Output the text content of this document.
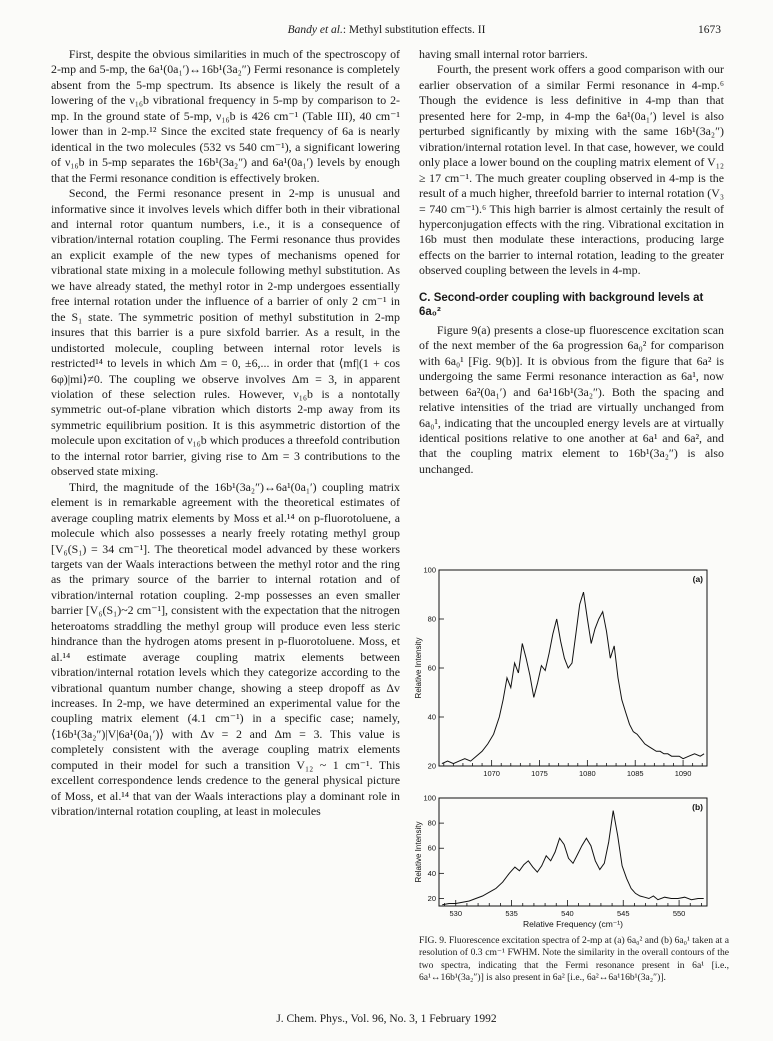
Bandy et al.: Methyl substitution effects. II	1673

First, despite the obvious similarities in much of the spectroscopy of 2-mp and 5-mp, the 6a¹(0a₁′)↔16b¹(3a₂″) Fermi resonance is completely absent from the 5-mp spectrum. Its absence is likely the result of a lowering of the ν₁₆b vibrational frequency in 5-mp by comparison to 2-mp. In the ground state of 5-mp, ν₁₆b is 426 cm⁻¹ (Table III), 40 cm⁻¹ lower than in 2-mp.¹² Since the excited state frequency of 6a is nearly identical in the two molecules (532 vs 540 cm⁻¹), a significant lowering of ν₁₆b in 5-mp separates the 16b¹(3a₂″) and 6a¹(0a₁′) levels by enough that the Fermi resonance condition is effectively broken.

Second, the Fermi resonance present in 2-mp is unusual and informative since it involves levels which differ both in their vibrational and internal rotor quantum numbers, i.e., it is a consequence of vibration/internal rotation coupling. The Fermi resonance thus provides an explicit example of the new types of mechanisms opened for vibrational state mixing in a molecule following methyl substitution. As we have already stated, the methyl rotor in 2-mp undergoes essentially free internal rotation under the influence of a barrier of only 2 cm⁻¹ in the S₁ state. The symmetric position of methyl substitution in 2-mp insures that this barrier is a pure sixfold barrier. As a result, in the undistorted molecule, coupling between internal rotor levels is restricted¹⁴ to levels in which Δm = 0, ±6,... in order that ⟨mf|(1 + cos 6φ)|mi⟩≠0. The coupling we observe involves Δm = 3, in apparent violation of these selection rules. However, ν₁₆b is a nontotally symmetric out-of-plane vibration which distorts 2-mp away from its symmetric equilibrium position. It is this asymmetric distortion of the molecule upon excitation of ν₁₆b which produces a threefold contribution to the internal rotor barrier, giving rise to Δm = 3 contributions to the observed state mixing.

Third, the magnitude of the 16b¹(3a₂″)↔6a¹(0a₁′) coupling matrix element is in remarkable agreement with the theoretical estimates of average coupling matrix elements by Moss et al.¹⁴ on p-fluorotoluene, a molecule which also possesses a nearly freely rotating methyl group [V₆(S₁) = 34 cm⁻¹]. The theoretical model advanced by these workers targets van der Waals interactions between the methyl rotor and the ring as the primary source of the barrier to internal rotation and of vibration/internal rotation coupling. 2-mp possesses an even smaller barrier [V₆(S₁)~2 cm⁻¹], consistent with the expectation that the nitrogen heteroatoms straddling the methyl group will produce even less steric hindrance than the hydrogen atoms present in p-fluorotoluene. Moss, et al.¹⁴ estimate average coupling matrix elements between vibration/internal rotation levels which they categorize according to the vibrational quantum number change, showing a steep dropoff as Δv increases. In 2-mp, we have determined an experimental value for the coupling matrix element (4.1 cm⁻¹) in a specific case; namely, ⟨16b¹(3a₂″)|V|6a¹(0a₁′)⟩ with Δv = 2 and Δm = 3. This value is completely consistent with the average coupling matrix elements computed in their model for such a transition V₁₂ ~ 1 cm⁻¹. This excellent correspondence lends credence to the general physical picture of Moss, et al.¹⁴ that van der Waals interactions play a dominant role in vibration/internal rotation coupling, at least in molecules

having small internal rotor barriers.

Fourth, the present work offers a good comparison with our earlier observation of a similar Fermi resonance in 4-mp.⁶ Though the evidence is less definitive in 4-mp than that presented here for 2-mp, in 4-mp the 6a¹(0a₁′) level is also perturbed significantly by mixing with the same 16b¹(3a₂″) vibration/internal rotation level. In that case, however, we could only place a lower bound on the coupling matrix element of V₁₂ ≥ 17 cm⁻¹. The much greater coupling observed in 4-mp is the result of a much higher, threefold barrier to internal rotation (V₃ = 740 cm⁻¹).⁶ This high barrier is almost certainly the result of hyperconjugation effects with the ring. Vibrational excitation in 16b must then modulate these interactions, producing large effects on the barrier to internal rotation, leading to the greater observed coupling between the levels in 4-mp.

C. Second-order coupling with background levels at 6a₀²

Figure 9(a) presents a close-up fluorescence excitation scan of the next member of the 6a progression 6a₀² for comparison with 6a₀¹ [Fig. 9(b)]. It is obvious from the figure that 6a² is undergoing the same Fermi resonance interaction as 6a¹, now between 6a²(0a₁′) and 6a¹16b¹(3a₂″). Both the spacing and relative intensities of the triad are virtually unchanged from 6a₀¹, indicating that the uncoupled energy levels are at virtually identical positions relative to one another at 6a¹ and 6a², and that the coupling matrix element to 16b¹(3a₂″) is also unchanged.

1070	1075	1080	1085	1090
20
40
60
80
100
Relative Intensity
(a)
530	535	540	545	550
20
40
60
80
100
Relative Intensity
Relative Frequency (cm⁻¹)
(b)
FIG. 9. Fluorescence excitation spectra of 2-mp at (a) 6a₀² and (b) 6a₀¹ taken at a resolution of 0.3 cm⁻¹ FWHM. Note the similarity in the overall contours of the two spectra, indicating that the Fermi resonance present in 6a¹ [i.e., 6a¹↔16b¹(3a₂″)] is also present in 6a² [i.e., 6a²↔6a¹16b¹(3a₂″)].
J. Chem. Phys., Vol. 96, No. 3, 1 February 1992
